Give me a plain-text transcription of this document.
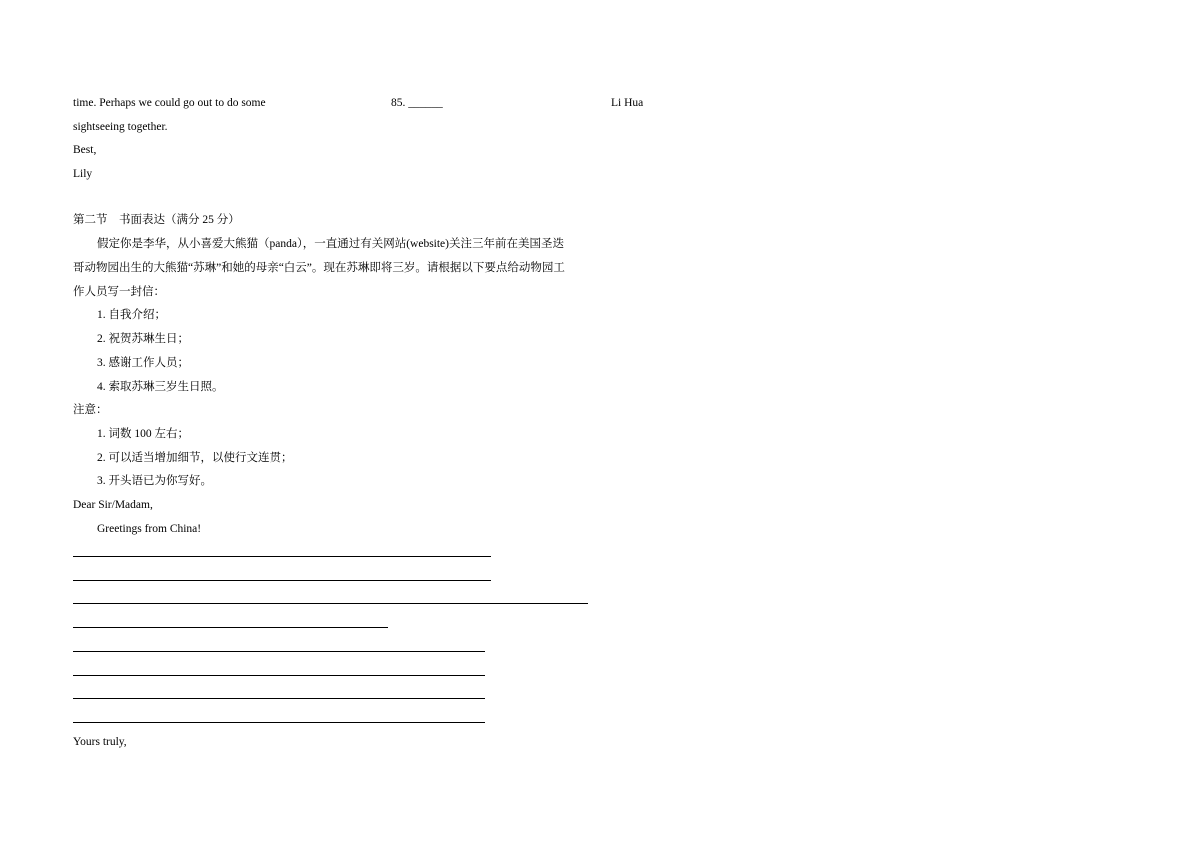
time. Perhaps we could go out to do some	85. ______	Li Hua
sightseeing together.
Best,
Lily
第二节　书面表达（满分 25 分）
假定你是李华，从小喜爱大熊猫（panda），一直通过有关网站(website)关注三年前在美国圣迭
哥动物园出生的大熊猫“苏琳”和她的母亲“白云”。现在苏琳即将三岁。请根据以下要点给动物园工
作人员写一封信：
1. 自我介绍；
2. 祝贺苏琳生日；
3. 感谢工作人员；
4. 索取苏琳三岁生日照。
注意：
1. 词数 100 左右；
2. 可以适当增加细节，以使行文连贯；
3. 开头语已为你写好。
Dear Sir/Madam,
Greetings from China!
Yours truly,
